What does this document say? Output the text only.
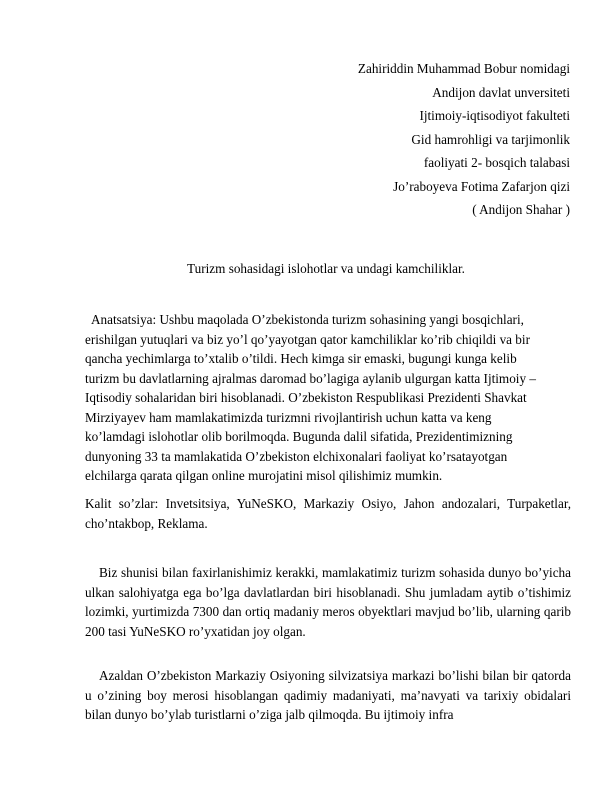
Zahiriddin Muhammad Bobur nomidagi
Andijon davlat unversiteti
Ijtimoiy-iqtisodiyot fakulteti
Gid hamrohligi va tarjimonlik
faoliyati 2- bosqich talabasi
Jo’raboyeva Fotima Zafarjon qizi
( Andijon Shahar )
Turizm sohasidagi islohotlar va undagi kamchiliklar.
Anatsatsiya: Ushbu maqolada O’zbekistonda turizm sohasining yangi bosqichlari,
erishilgan yutuqlari va biz yo’l qo’yayotgan qator kamchiliklar ko’rib chiqildi va bir
qancha yechimlarga to’xtalib o’tildi. Hech kimga sir emaski, bugungi kunga kelib
turizm bu davlatlarning ajralmas daromad bo’lagiga aylanib ulgurgan katta Ijtimoiy –
Iqtisodiy sohalaridan biri hisoblanadi. O’zbekiston Respublikasi Prezidenti Shavkat
Mirziyayev ham mamlakatimizda turizmni rivojlantirish uchun katta va keng
ko’lamdagi islohotlar olib borilmoqda. Bugunda dalil sifatida, Prezidentimizning
dunyoning 33 ta mamlakatida O’zbekiston elchixonalari faoliyat ko’rsatayotgan
elchilarga qarata qilgan online murojatini misol qilishimiz mumkin.
Kalit so’zlar: Invetsitsiya, YuNeSKO, Markaziy Osiyo, Jahon andozalari, Turpaketlar, cho’ntakbop, Reklama.
Biz shunisi bilan faxirlanishimiz kerakki, mamlakatimiz turizm sohasida dunyo bo’yicha ulkan salohiyatga ega bo’lga davlatlardan biri hisoblanadi. Shu jumladam aytib o’tishimiz lozimki, yurtimizda 7300 dan ortiq madaniy meros obyektlari mavjud bo’lib, ularning qarib 200 tasi YuNeSKO ro’yxatidan joy olgan.
Azaldan O’zbekiston Markaziy Osiyoning silvizatsiya markazi bo’lishi bilan bir qatorda u o’zining boy merosi hisoblangan qadimiy madaniyati, ma’navyati va tarixiy obidalari bilan dunyo bo’ylab turistlarni o’ziga jalb qilmoqda. Bu ijtimoiy infra
